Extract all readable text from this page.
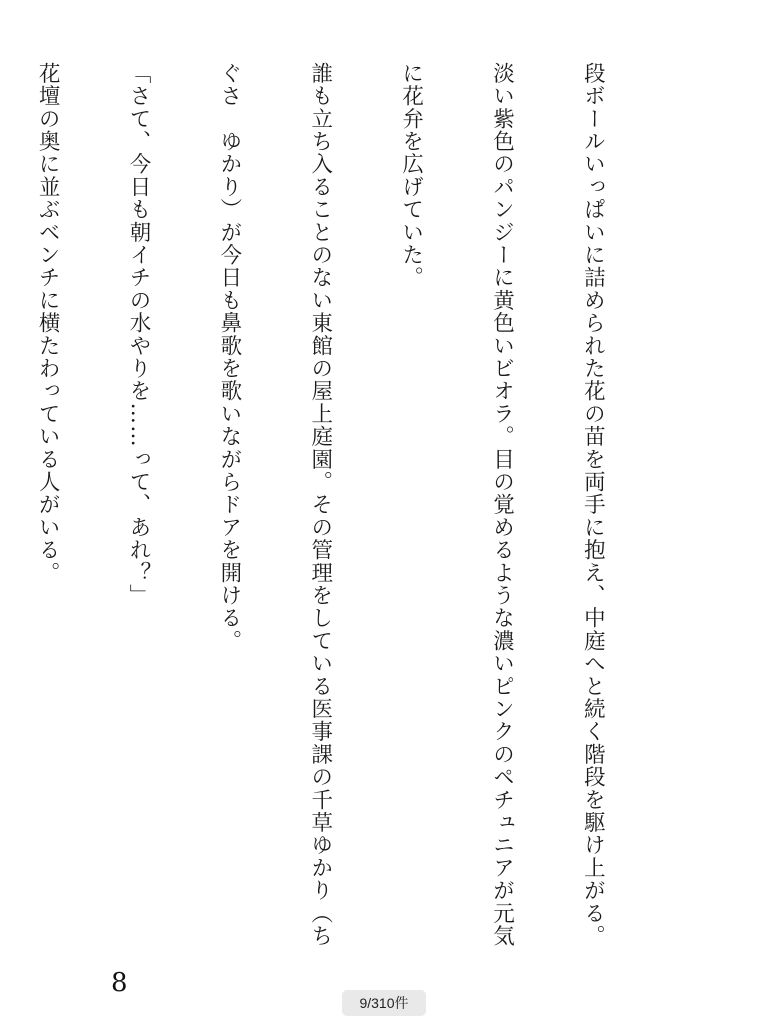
段ボールいっぱいに詰められた花の苗を両手に抱え、中庭へと続く階段を駆け上がる。

淡い紫色のパンジーに黄色いビオラ。目の覚めるような濃いピンクのペチュニアが元気

に花弁を広げていた。

誰も立ち入ることのない東館の屋上庭園。その管理をしている医事課の千草ゆかり（ち

ぐさ　ゆかり）が今日も鼻歌を歌いながらドアを開ける。

「さて、今日も朝イチの水やりを……って、あれ？」

花壇の奥に並ぶベンチに横たわっている人がいる。

8
9/310件
